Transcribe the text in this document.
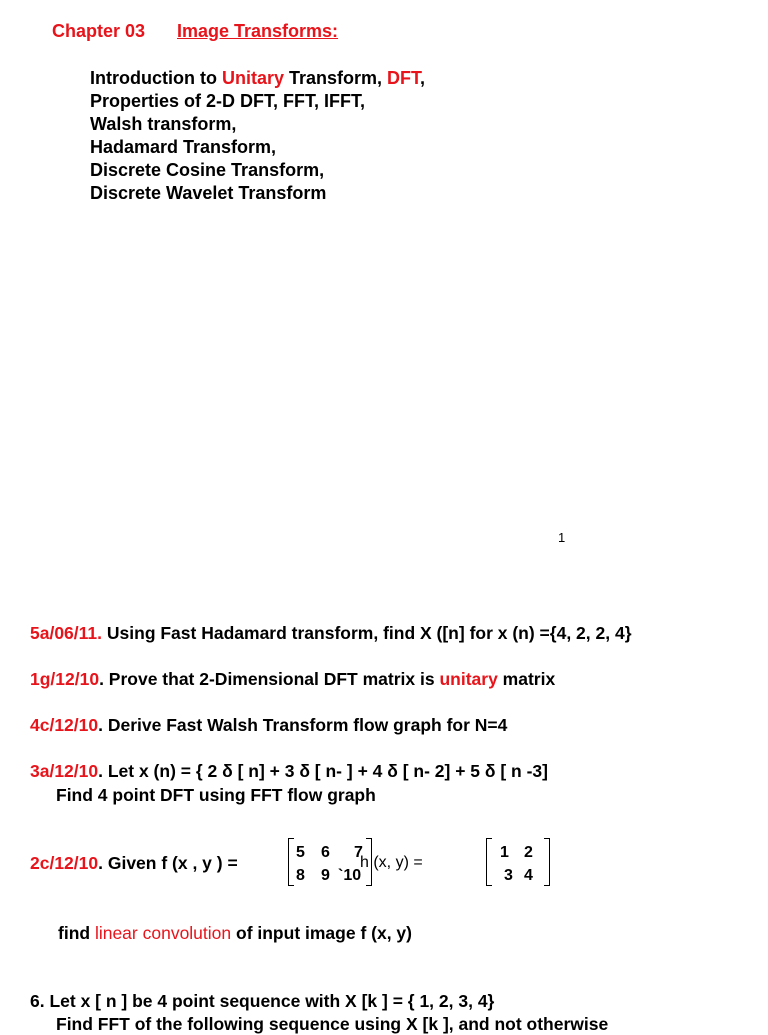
Chapter 03 Image Transforms:
Introduction to Unitary Transform, DFT,
Properties of 2-D DFT, FFT, IFFT,
Walsh transform,
Hadamard Transform,
Discrete Cosine Transform,
Discrete Wavelet Transform
1
5a/06/11. Using Fast Hadamard transform, find X ([n] for x (n) ={4, 2, 2, 4}
1g/12/10. Prove that 2-Dimensional DFT matrix is unitary matrix
4c/12/10. Derive Fast Walsh Transform flow graph for N=4
3a/12/10. Let x (n) = { 2 δ [ n] + 3 δ [ n- ] + 4 δ [ n- 2] + 5 δ [ n -3]
Find 4 point DFT using FFT flow graph
2c/12/10. Given f (x , y ) =
5 6 7
8 9 `10
h (x, y) =
1 2
3 4
find linear convolution of input image f (x, y)
6. Let x [ n ] be 4 point sequence with X [k ] = { 1, 2, 3, 4}
Find FFT of the following sequence using X [k ], and not otherwise
